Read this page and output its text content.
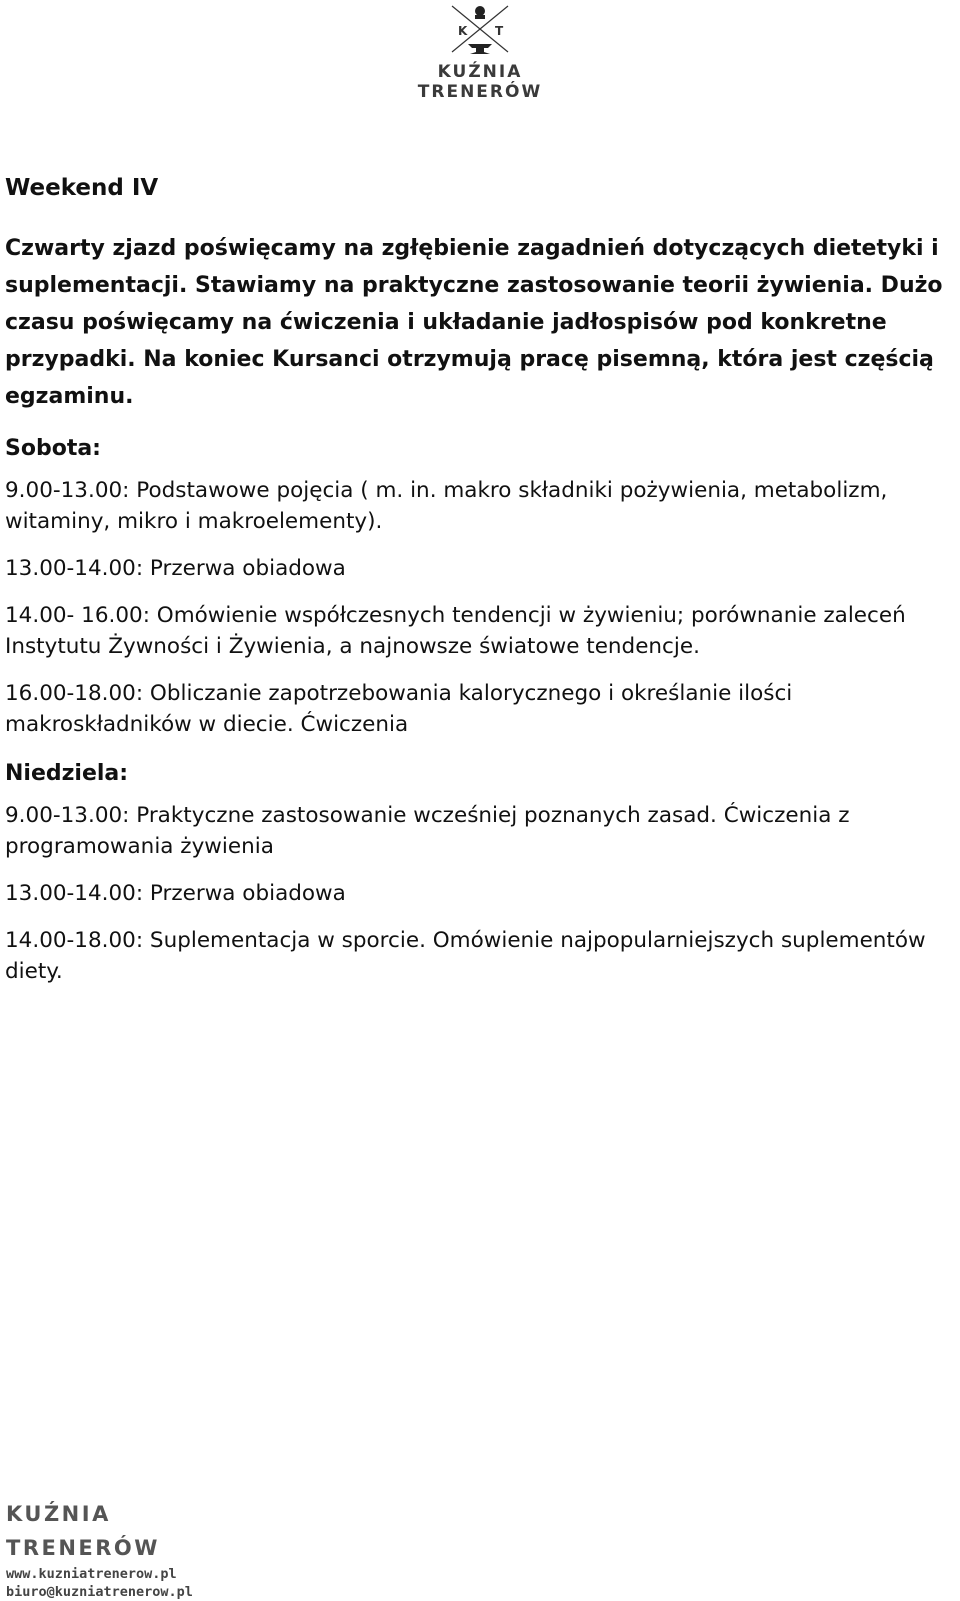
K T
KUŹNIA TRENERÓW
Weekend IV
Czwarty zjazd poświęcamy na zgłębienie zagadnień dotyczących dietetyki i suplementacji. Stawiamy na praktyczne zastosowanie teorii żywienia. Dużo czasu poświęcamy na ćwiczenia i układanie jadłospisów pod konkretne przypadki. Na koniec Kursanci otrzymują pracę pisemną, która jest częścią egzaminu.
Sobota:
9.00-13.00: Podstawowe pojęcia ( m. in. makro składniki pożywienia, metabolizm, witaminy, mikro i makroelementy).
13.00-14.00: Przerwa obiadowa
14.00- 16.00: Omówienie współczesnych tendencji w żywieniu; porównanie zaleceń Instytutu Żywności i Żywienia, a najnowsze światowe tendencje.
16.00-18.00: Obliczanie zapotrzebowania kalorycznego i określanie ilości makroskładników w diecie. Ćwiczenia
Niedziela:
9.00-13.00: Praktyczne zastosowanie wcześniej poznanych zasad. Ćwiczenia z programowania żywienia
13.00-14.00: Przerwa obiadowa
14.00-18.00: Suplementacja w sporcie. Omówienie najpopularniejszych suplementów diety.
KUŹNIA TRENERÓW
www.kuzniatrenerow.pl
biuro@kuzniatrenerow.pl
